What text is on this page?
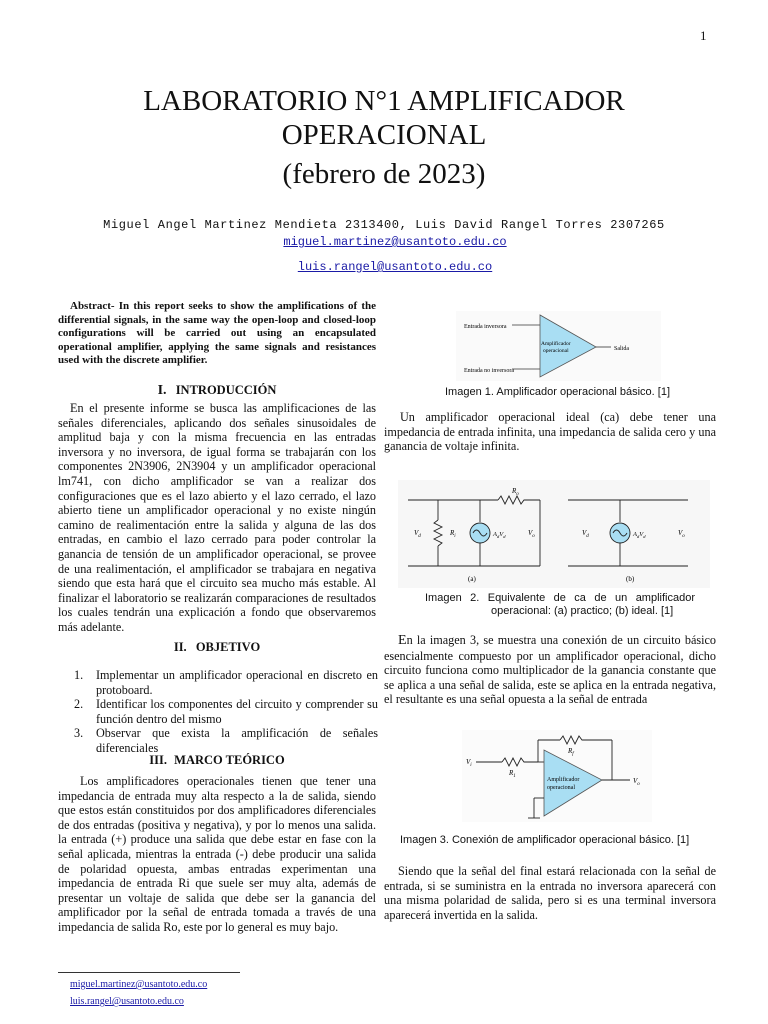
1
LABORATORIO N°1 AMPLIFICADOR
OPERACIONAL
(febrero de 2023)
Miguel Angel Martinez Mendieta 2313400, Luis David Rangel Torres 2307265
miguel.martinez@usantoto.edu.co
luis.rangel@usantoto.edu.co
Abstract- In this report seeks to show the amplifications of the differential signals, in the same way the open-loop and closed-loop configurations will be carried out using an encapsulated operational amplifier, applying the same signals and resistances used with the discrete amplifier.
I. INTRODUCCIÓN
En el presente informe se busca las amplificaciones de las señales diferenciales, aplicando dos señales sinusoidales de amplitud baja y con la misma frecuencia en las entradas inversora y no inversora, de igual forma se trabajarán con los componentes 2N3906, 2N3904 y un amplificador operacional lm741, con dicho amplificador se van a realizar dos configuraciones que es el lazo abierto y el lazo cerrado, el lazo abierto tiene un amplificador operacional y no existe ningún camino de realimentación entre la salida y alguna de las dos entradas, en cambio el lazo cerrado para poder controlar la ganancia de tensión de un amplificador operacional, se provee de una realimentación, el amplificador se trabajara en negativa siendo que esta hará que el circuito sea mucho más estable. Al finalizar el laboratorio se realizarán comparaciones de resultados los cuales tendrán una explicación a fondo que observaremos más adelante.
II. OBJETIVO
1. Implementar un amplificador operacional en discreto en protoboard.
2. Identificar los componentes del circuito y comprender su función dentro del mismo
3. Observar que exista la amplificación de señales diferenciales
III. MARCO TEÓRICO
Los amplificadores operacionales tienen que tener una impedancia de entrada muy alta respecto a la de salida, siendo que estos están constituidos por dos amplificadores diferenciales de dos entradas (positiva y negativa), y por lo menos una salida. la entrada (+) produce una salida que debe estar en fase con la señal aplicada, mientras la entrada (-) debe producir una salida de polaridad opuesta, ambas entradas experimentan una impedancia de entrada Ri que suele ser muy alta, además de presentar un voltaje de salida que debe ser la ganancia del amplificador por la señal de entrada tomada a través de una impedancia de salida Ro, este por lo general es muy bajo.
miguel.martinez@usantoto.edu.co
luis.rangel@usantoto.edu.co
Entrada inversora
Entrada no inversora
Amplificador
operacional	Salida
Imagen 1. Amplificador operacional básico. [1]
Un amplificador operacional ideal (ca) debe tener una impedancia de entrada infinita, una impedancia de salida cero y una ganancia de voltaje infinita.
$R_o$
$V_d$	$R_i$	$A_dV_d$	$V_o$
(a)
$V_d$	$A_dV_d$	$V_o$
(b)
Imagen 2. Equivalente de ca de un amplificador
operacional: (a) practico; (b) ideal. [1]
En la imagen 3, se muestra una conexión de un circuito básico esencialmente compuesto por un amplificador operacional, dicho circuito funciona como multiplicador de la ganancia constante que se aplica a una señal de salida, este se aplica en la entrada negativa, el resultante es una señal opuesta a la señal de entrada
$V_i$
$R_1$
$R_f$
Amplificador
operacional
$V_o$
Imagen 3. Conexión de amplificador operacional básico. [1]
Siendo que la señal del final estará relacionada con la señal de entrada, si se suministra en la entrada no inversora aparecerá con una misma polaridad de salida, pero si es una terminal inversora aparecerá invertida en la salida.
